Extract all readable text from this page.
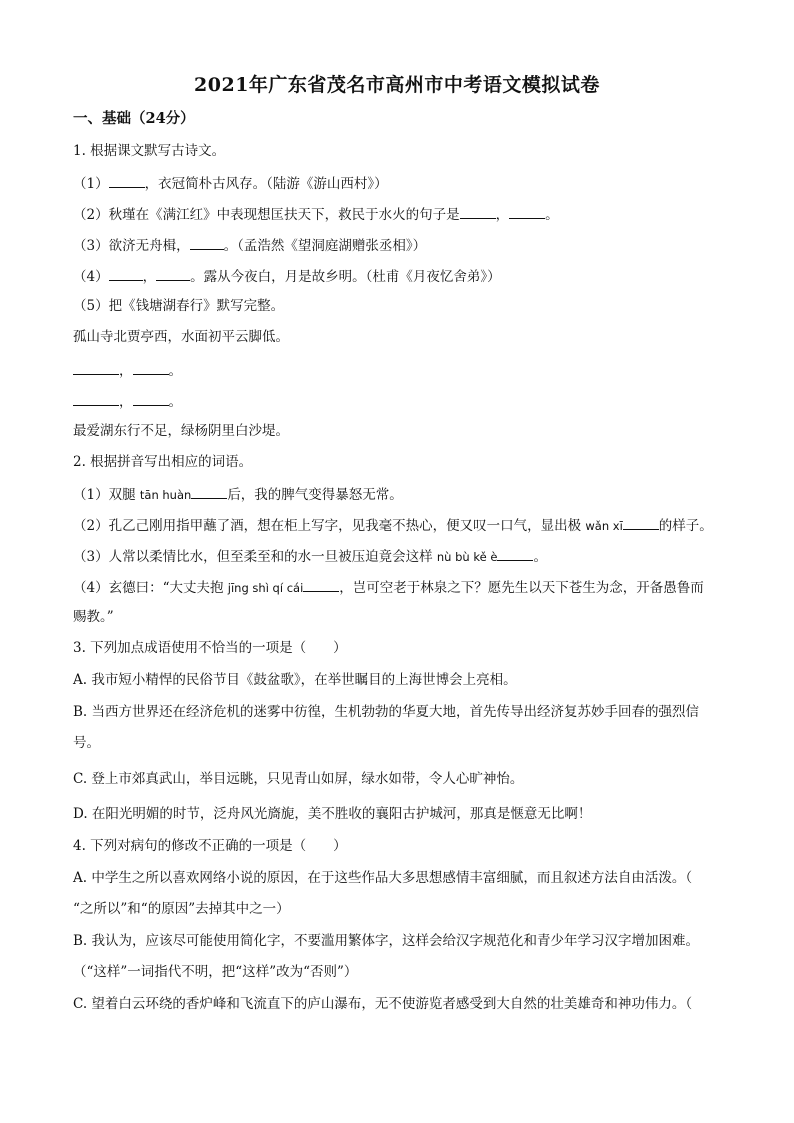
2021年广东省茂名市高州市中考语文模拟试卷
一、基础（24分）
1. 根据课文默写古诗文。
（1）	，衣冠简朴古风存。（陆游《游山西村》）
（2）秋瑾在《满江红》中表现想匡扶天下，救民于水火的句子是	，	。
（3）欲济无舟楫，	。（孟浩然《望洞庭湖赠张丞相》）
（4）	，	。露从今夜白，月是故乡明。（杜甫《月夜忆舍弟》）
（5）把《钱塘湖春行》默写完整。
孤山寺北贾亭西，水面初平云脚低。
，	。
，	。
最爱湖东行不足，绿杨阴里白沙堤。
2. 根据拼音写出相应的词语。
（1）双腿 tān huàn	后，我的脾气变得暴怒无常。
（2）孔乙己刚用指甲蘸了酒，想在柜上写字，见我毫不热心，便又叹一口气，显出极 wǎn xī	的样子。
（3）人常以柔情比水，但至柔至和的水一旦被压迫竟会这样 nù bù kě è	。
（4）玄德曰：“大丈夫抱 jīng shì qí cái	，岂可空老于林泉之下？愿先生以天下苍生为念，开备愚鲁而
赐教。”
3. 下列加点成语使用不恰当的一项是（　　）
A. 我市短小精悍的民俗节目《鼓盆歌》，在举世瞩目的上海世博会上亮相。
B. 当西方世界还在经济危机的迷雾中彷徨，生机勃勃的华夏大地，首先传导出经济复苏妙手回春的强烈信
号。
C. 登上市郊真武山，举目远眺，只见青山如屏，绿水如带，令人心旷神怡。
D. 在阳光明媚的时节，泛舟风光旖旎，美不胜收的襄阳古护城河，那真是惬意无比啊！
4. 下列对病句的修改不正确的一项是（　　）
A. 中学生之所以喜欢网络小说的原因，在于这些作品大多思想感情丰富细腻，而且叙述方法自由活泼。（
“之所以”和“的原因”去掉其中之一）
B. 我认为，应该尽可能使用简化字，不要滥用繁体字，这样会给汉字规范化和青少年学习汉字增加困难。
（“这样”一词指代不明，把“这样”改为“否则”）
C. 望着白云环绕的香炉峰和飞流直下的庐山瀑布，无不使游览者感受到大自然的壮美雄奇和神功伟力。（
